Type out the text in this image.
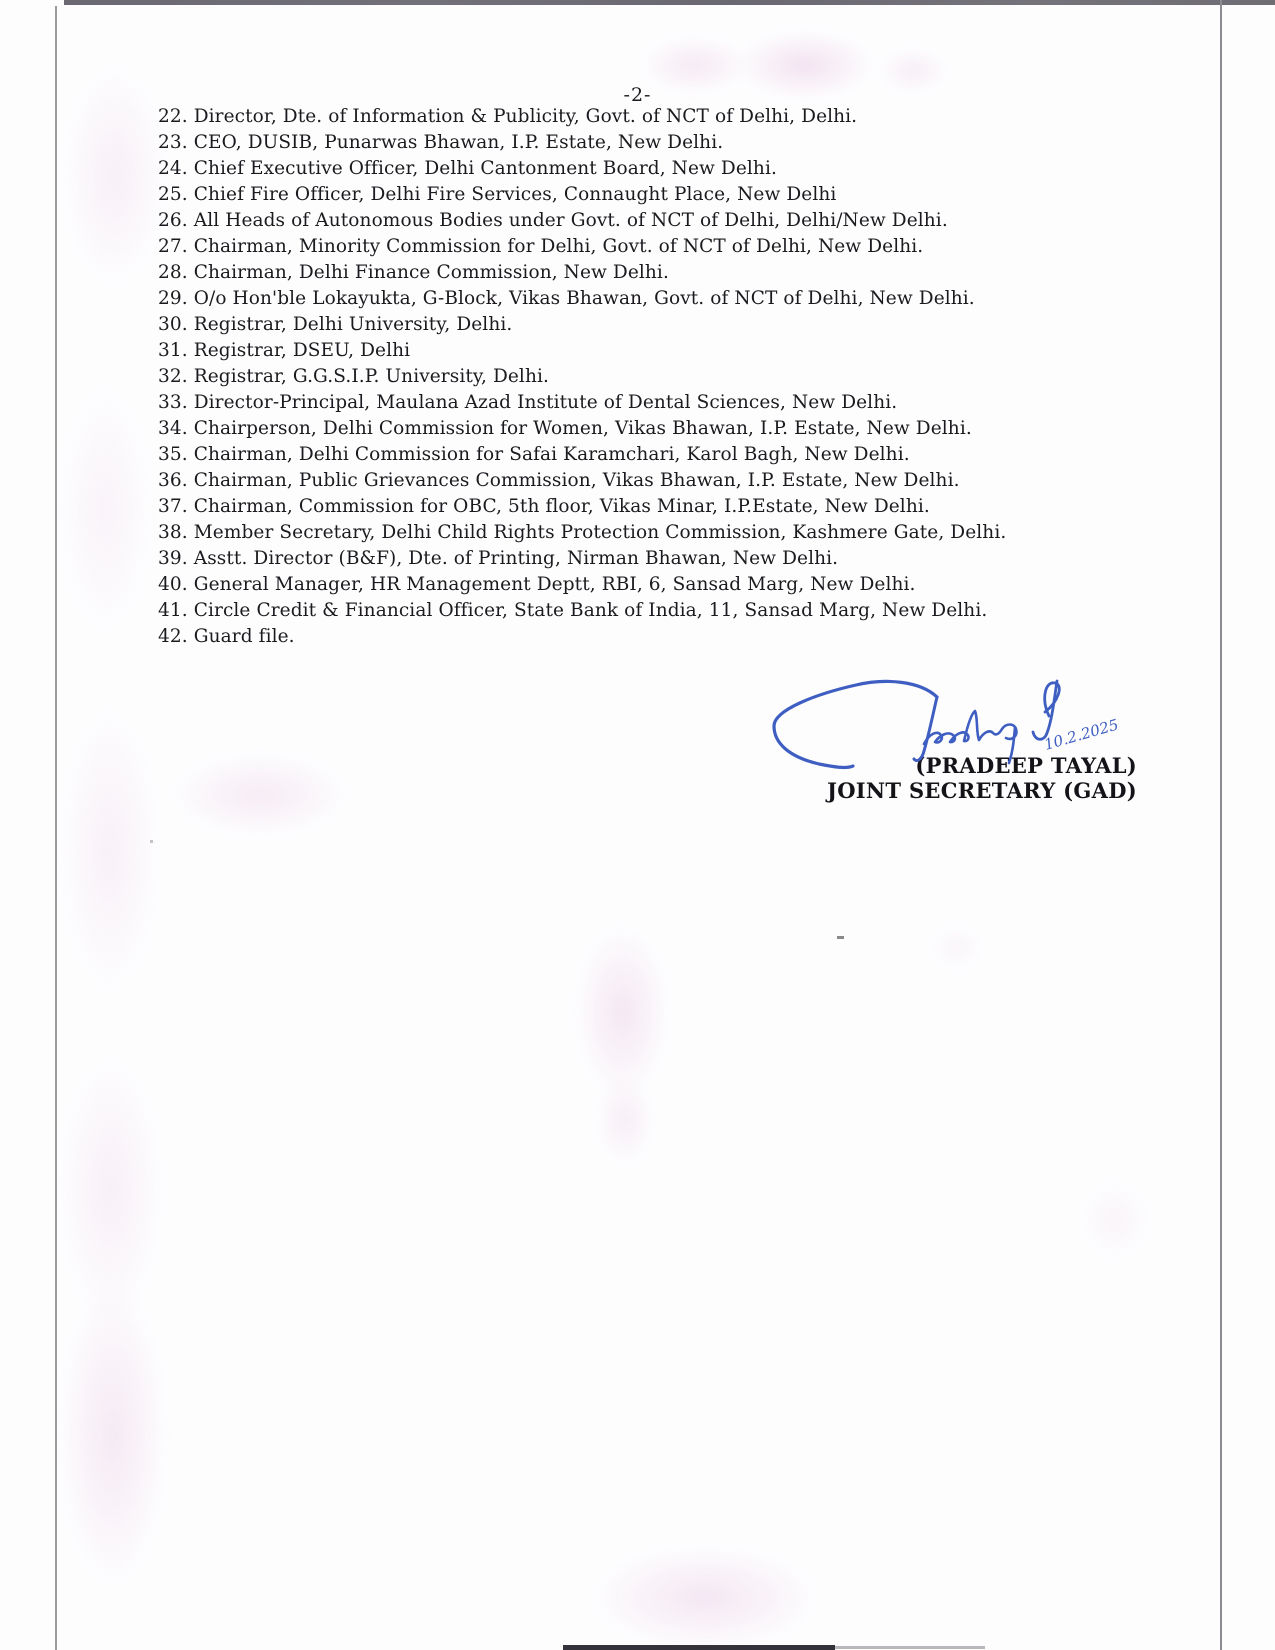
-2-
22. Director, Dte. of Information & Publicity, Govt. of NCT of Delhi, Delhi.
23. CEO, DUSIB, Punarwas Bhawan, I.P. Estate, New Delhi.
24. Chief Executive Officer, Delhi Cantonment Board, New Delhi.
25. Chief Fire Officer, Delhi Fire Services, Connaught Place, New Delhi
26. All Heads of Autonomous Bodies under Govt. of NCT of Delhi, Delhi/New Delhi.
27. Chairman, Minority Commission for Delhi, Govt. of NCT of Delhi, New Delhi.
28. Chairman, Delhi Finance Commission, New Delhi.
29. O/o Hon'ble Lokayukta, G-Block, Vikas Bhawan, Govt. of NCT of Delhi, New Delhi.
30. Registrar, Delhi University, Delhi.
31. Registrar, DSEU, Delhi
32. Registrar, G.G.S.I.P. University, Delhi.
33. Director-Principal, Maulana Azad Institute of Dental Sciences, New Delhi.
34. Chairperson, Delhi Commission for Women, Vikas Bhawan, I.P. Estate, New Delhi.
35. Chairman, Delhi Commission for Safai Karamchari, Karol Bagh, New Delhi.
36. Chairman, Public Grievances Commission, Vikas Bhawan, I.P. Estate, New Delhi.
37. Chairman, Commission for OBC, 5th floor, Vikas Minar, I.P.Estate, New Delhi.
38. Member Secretary, Delhi Child Rights Protection Commission, Kashmere Gate, Delhi.
39. Asstt. Director (B&F), Dte. of Printing, Nirman Bhawan, New Delhi.
40. General Manager, HR Management Deptt, RBI, 6, Sansad Marg, New Delhi.
41. Circle Credit & Financial Officer, State Bank of India, 11, Sansad Marg, New Delhi.
42. Guard file.
(PRADEEP TAYAL)
JOINT SECRETARY (GAD)
10.2.2025
